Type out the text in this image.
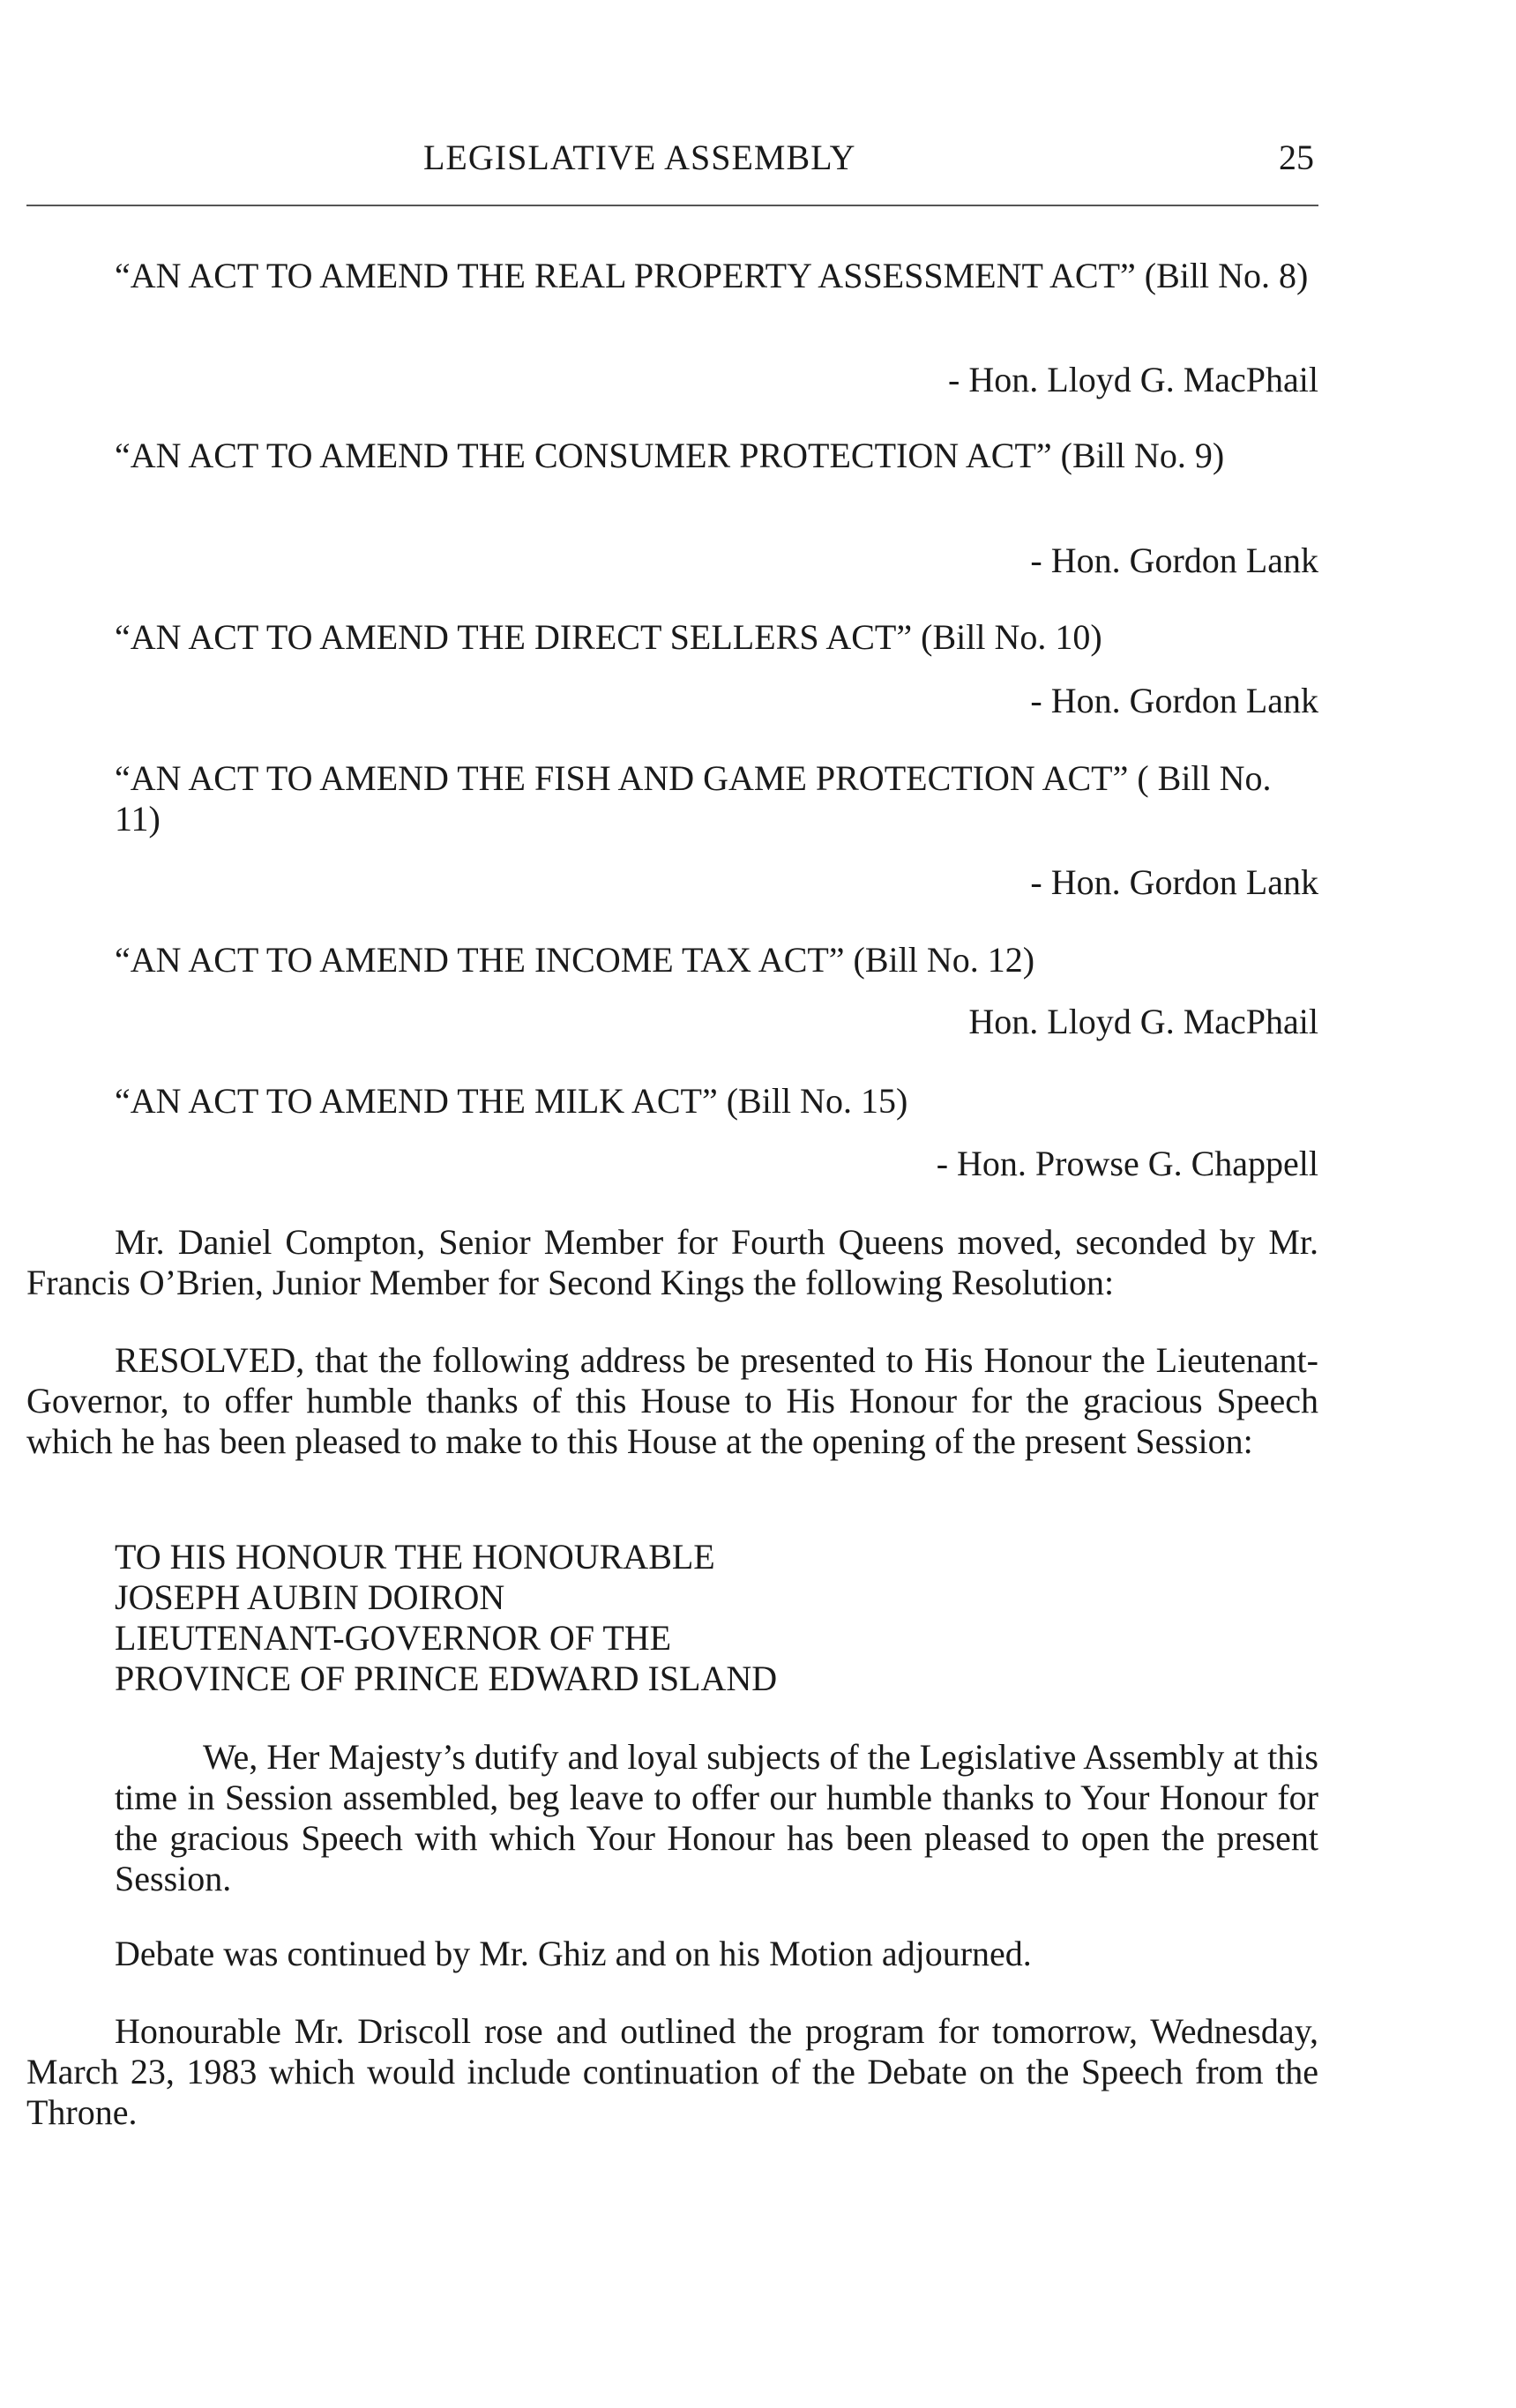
LEGISLATIVE ASSEMBLY	25
“AN ACT TO AMEND THE REAL PROPERTY ASSESSMENT ACT” (Bill No. 8)
- Hon. Lloyd G. MacPhail
“AN ACT TO AMEND THE CONSUMER PROTECTION ACT” (Bill No. 9)
- Hon. Gordon Lank
“AN ACT TO AMEND THE DIRECT SELLERS ACT” (Bill No. 10)
- Hon. Gordon Lank
“AN ACT TO AMEND THE FISH AND GAME PROTECTION ACT” ( Bill No. 11)
- Hon. Gordon Lank
“AN ACT TO AMEND THE INCOME TAX ACT” (Bill No. 12)
Hon. Lloyd G. MacPhail
“AN ACT TO AMEND THE MILK ACT” (Bill No. 15)
- Hon. Prowse G. Chappell
Mr. Daniel Compton, Senior Member for Fourth Queens moved, seconded by Mr. Francis O’Brien, Junior Member for Second Kings the following Resolution:
RESOLVED, that the following address be presented to His Honour the Lieutenant-Governor, to offer humble thanks of this House to His Honour for the gracious Speech which he has been pleased to make to this House at the opening of the present Session:
TO HIS HONOUR THE HONOURABLE
JOSEPH AUBIN DOIRON
LIEUTENANT-GOVERNOR OF THE
PROVINCE OF PRINCE EDWARD ISLAND
We, Her Majesty’s dutify and loyal subjects of the Legislative Assembly at this time in Session assembled, beg leave to offer our humble thanks to Your Honour for the gracious Speech with which Your Honour has been pleased to open the present Session.
Debate was continued by Mr. Ghiz and on his Motion adjourned.
Honourable Mr. Driscoll rose and outlined the program for tomorrow, Wednesday, March 23, 1983 which would include continuation of the Debate on the Speech from the Throne.
